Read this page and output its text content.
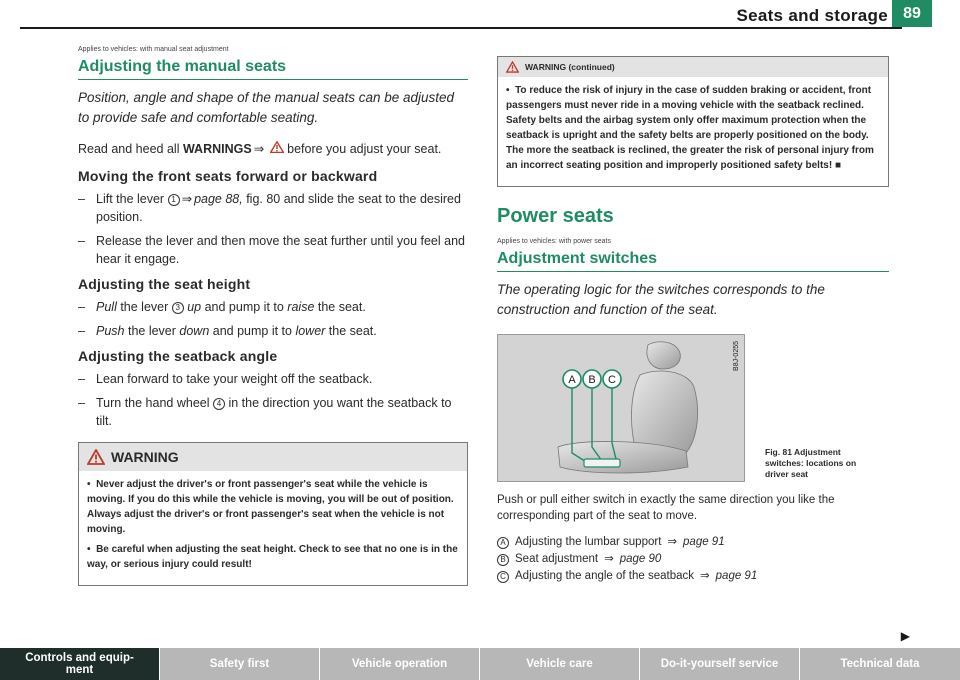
Seats and storage 89
Applies to vehicles: with manual seat adjustment
Adjusting the manual seats
Position, angle and shape of the manual seats can be adjusted to provide safe and comfortable seating.
Read and heed all WARNINGS ⇒  before you adjust your seat.
Moving the front seats forward or backward
– Lift the lever 1 ⇒ page 88, fig. 80 and slide the seat to the desired position.
– Release the lever and then move the seat further until you feel and hear it engage.
Adjusting the seat height
– Pull the lever 3 up and pump it to raise the seat.
– Push the lever down and pump it to lower the seat.
Adjusting the seatback angle
– Lean forward to take your weight off the seatback.
– Turn the hand wheel 4 in the direction you want the seatback to tilt.
WARNING
•  Never adjust the driver's or front passenger's seat while the vehicle is moving. If you do this while the vehicle is moving, you will be out of position. Always adjust the driver's or front passenger's seat when the vehicle is not moving.
•  Be careful when adjusting the seat height. Check to see that no one is in the way, or serious injury could result!
WARNING (continued)
•  To reduce the risk of injury in the case of sudden braking or accident, front passengers must never ride in a moving vehicle with the seatback reclined. Safety belts and the airbag system only offer maximum protection when the seatback is upright and the safety belts are properly positioned on the body. The more the seatback is reclined, the greater the risk of personal injury from an incorrect seating position and improperly positioned safety belts! ■
Power seats
Applies to vehicles: with power seats
Adjustment switches
The operating logic for the switches corresponds to the construction and function of the seat.
A B C
B8J-0255
Fig. 81 Adjustment switches: locations on driver seat
Push or pull either switch in exactly the same direction you like the corresponding part of the seat to move.
A Adjusting the lumbar support ⇒ page 91
B Seat adjustment ⇒ page 90
C Adjusting the angle of the seatback ⇒ page 91
▶
Controls and equip-
ment	Safety first	Vehicle operation	Vehicle care	Do-it-yourself service	Technical data
